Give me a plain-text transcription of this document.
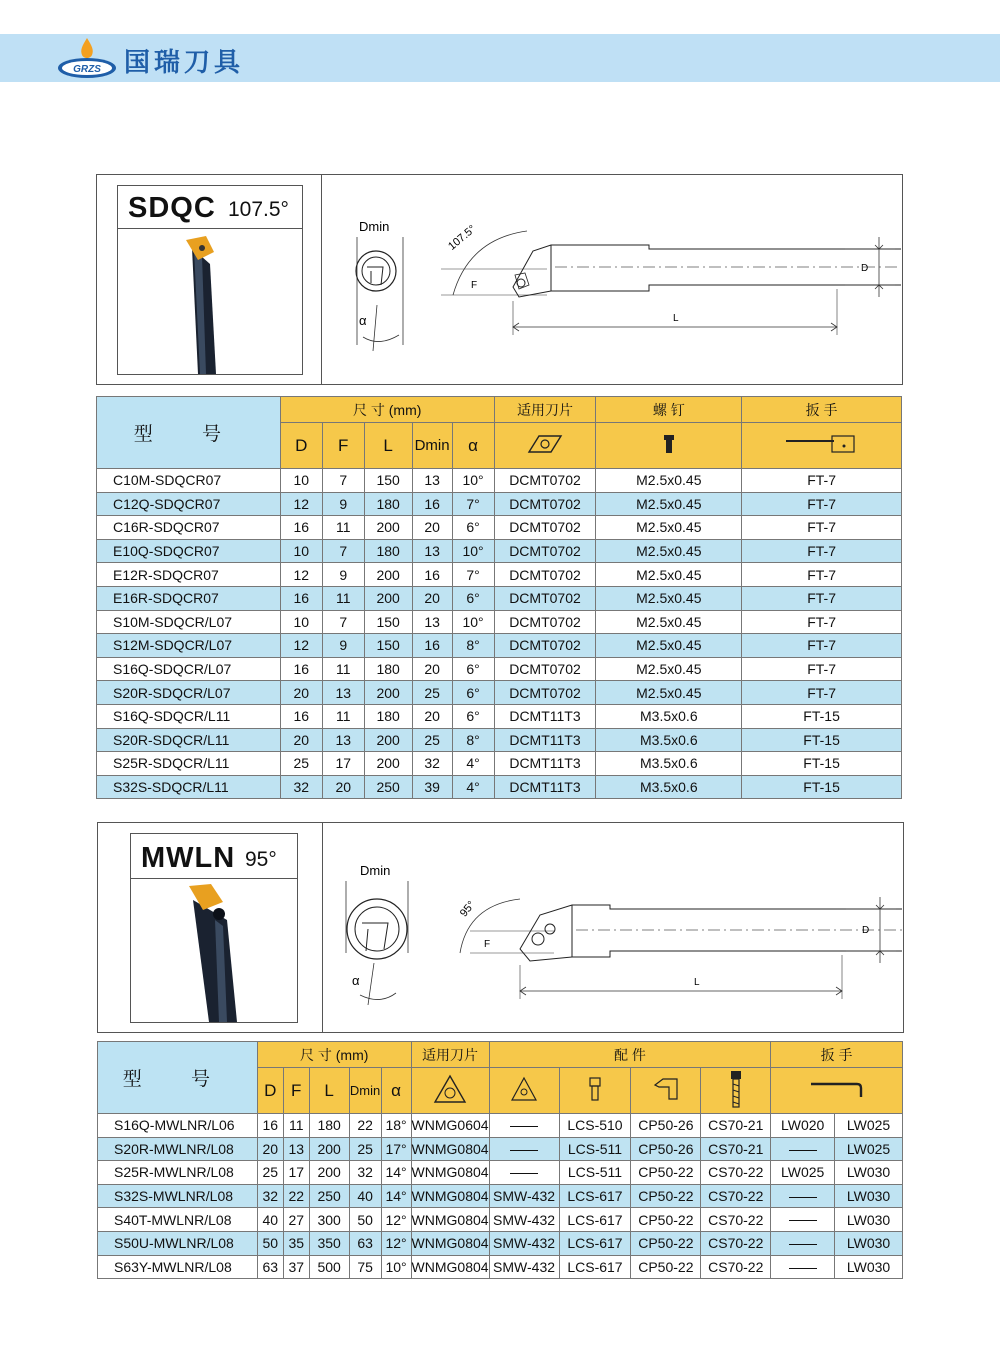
GRZS 国瑞刀具
SDQC 107.5°
Dmin
α
107.5°
F
D
L
型 号	尺 寸 (mm)					适用刀片	螺 钉	扳 手
	D	F	L	Dmin	α			
C10M-SDQCR07	10	7	150	13	10°	DCMT0702	M2.5x0.45	FT-7
C12Q-SDQCR07	12	9	180	16	7°	DCMT0702	M2.5x0.45	FT-7
C16R-SDQCR07	16	11	200	20	6°	DCMT0702	M2.5x0.45	FT-7
E10Q-SDQCR07	10	7	180	13	10°	DCMT0702	M2.5x0.45	FT-7
E12R-SDQCR07	12	9	200	16	7°	DCMT0702	M2.5x0.45	FT-7
E16R-SDQCR07	16	11	200	20	6°	DCMT0702	M2.5x0.45	FT-7
S10M-SDQCR/L07	10	7	150	13	10°	DCMT0702	M2.5x0.45	FT-7
S12M-SDQCR/L07	12	9	150	16	8°	DCMT0702	M2.5x0.45	FT-7
S16Q-SDQCR/L07	16	11	180	20	6°	DCMT0702	M2.5x0.45	FT-7
S20R-SDQCR/L07	20	13	200	25	6°	DCMT0702	M2.5x0.45	FT-7
S16Q-SDQCR/L11	16	11	180	20	6°	DCMT11T3	M3.5x0.6	FT-15
S20R-SDQCR/L11	20	13	200	25	8°	DCMT11T3	M3.5x0.6	FT-15
S25R-SDQCR/L11	25	17	200	32	4°	DCMT11T3	M3.5x0.6	FT-15
S32S-SDQCR/L11	32	20	250	39	4°	DCMT11T3	M3.5x0.6	FT-15
MWLN 95°	Dmin
α
95°
F
D
L
型 号	尺 寸 (mm)					适用刀片	配 件				扳 手	
	D	F	L	Dmin	α						
S16Q-MWLNR/L06	16	11	180	22	18°	WNMG0604		LCS-510	CP50-26	CS70-21	LW020	LW025
S20R-MWLNR/L08	20	13	200	25	17°	WNMG0804		LCS-511	CP50-26	CS70-21		LW025
S25R-MWLNR/L08	25	17	200	32	14°	WNMG0804		LCS-511	CP50-22	CS70-22	LW025	LW030
S32S-MWLNR/L08	32	22	250	40	14°	WNMG0804	SMW-432	LCS-617	CP50-22	CS70-22		LW030
S40T-MWLNR/L08	40	27	300	50	12°	WNMG0804	SMW-432	LCS-617	CP50-22	CS70-22		LW030
S50U-MWLNR/L08	50	35	350	63	12°	WNMG0804	SMW-432	LCS-617	CP50-22	CS70-22		LW030
S63Y-MWLNR/L08	63	37	500	75	10°	WNMG0804	SMW-432	LCS-617	CP50-22	CS70-22		LW030
